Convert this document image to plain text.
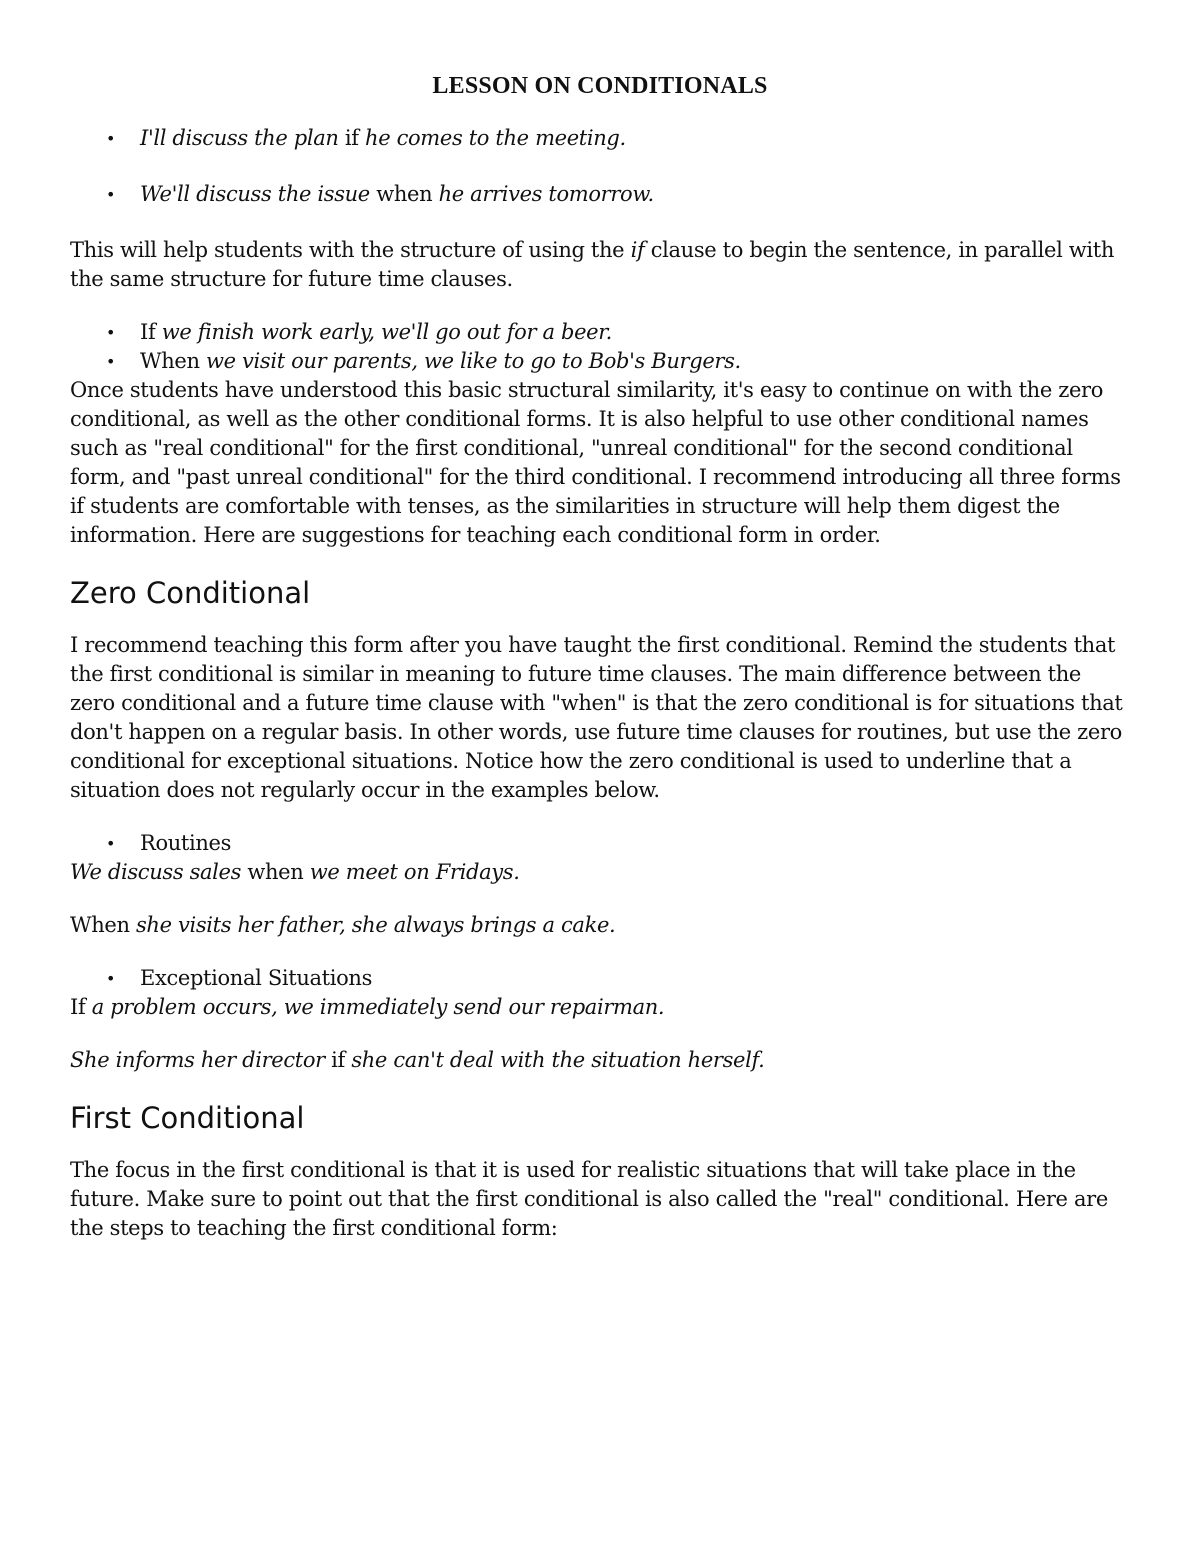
LESSON ON CONDITIONALS
• I'll discuss the plan if he comes to the meeting.
• We'll discuss the issue when he arrives tomorrow.

This will help students with the structure of using the if clause to begin the sentence, in parallel with the same structure for future time clauses.

• If we finish work early, we'll go out for a beer.
• When we visit our parents, we like to go to Bob's Burgers.

Once students have understood this basic structural similarity, it's easy to continue on with the zero conditional, as well as the other conditional forms. It is also helpful to use other conditional names such as "real conditional" for the first conditional, "unreal conditional" for the second conditional form, and "past unreal conditional" for the third conditional. I recommend introducing all three forms if students are comfortable with tenses, as the similarities in structure will help them digest the information. Here are suggestions for teaching each conditional form in order.

Zero Conditional

I recommend teaching this form after you have taught the first conditional. Remind the students that the first conditional is similar in meaning to future time clauses. The main difference between the zero conditional and a future time clause with "when" is that the zero conditional is for situations that don't happen on a regular basis. In other words, use future time clauses for routines, but use the zero conditional for exceptional situations. Notice how the zero conditional is used to underline that a situation does not regularly occur in the examples below.

• Routines

We discuss sales when we meet on Fridays.

When she visits her father, she always brings a cake.

• Exceptional Situations

If a problem occurs, we immediately send our repairman.

She informs her director if she can't deal with the situation herself.

First Conditional

The focus in the first conditional is that it is used for realistic situations that will take place in the future. Make sure to point out that the first conditional is also called the "real" conditional. Here are the steps to teaching the first conditional form:
